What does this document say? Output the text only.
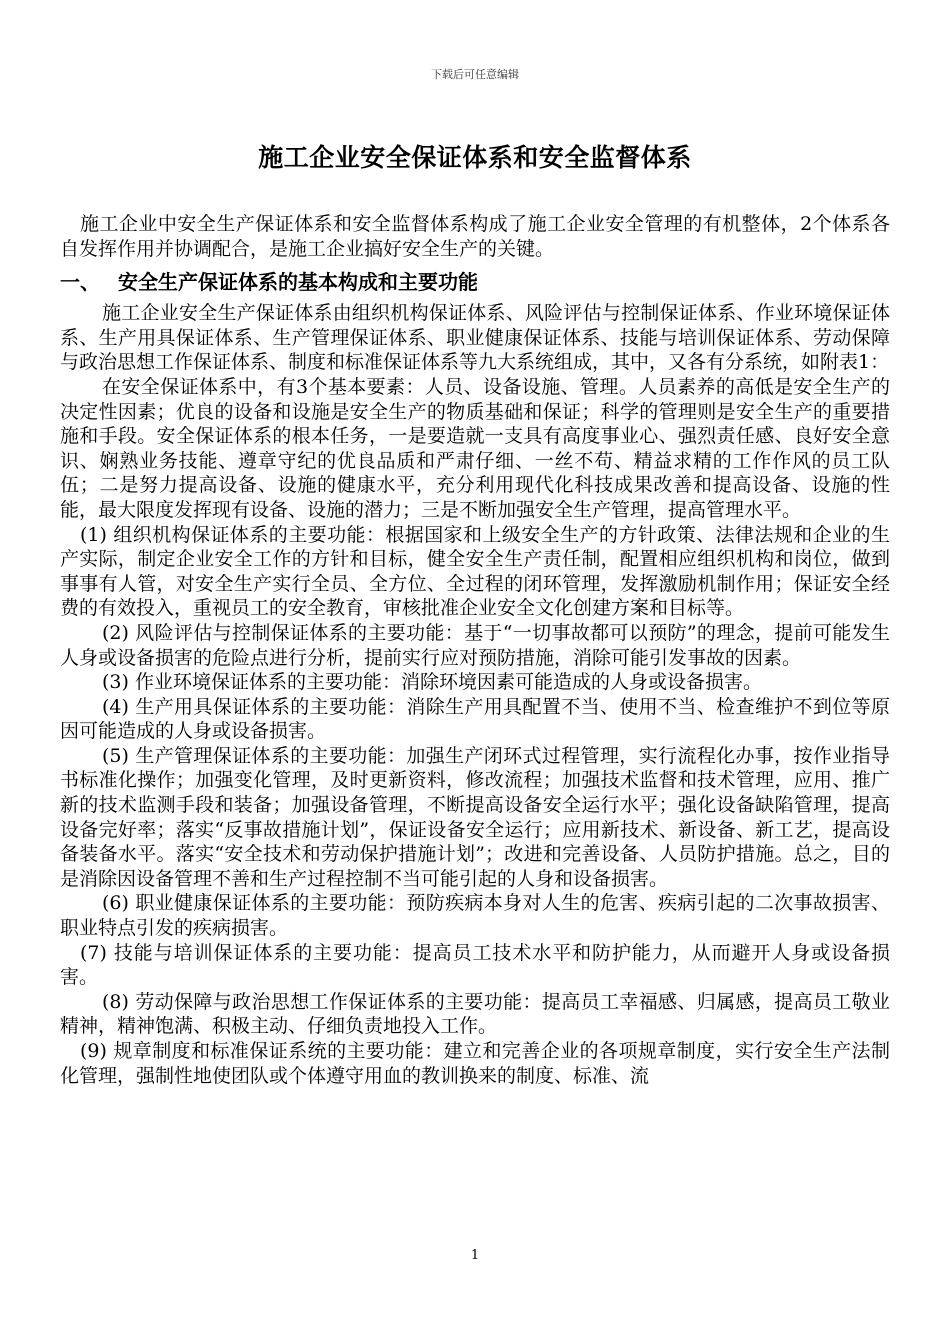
下载后可任意编辑
施工企业安全保证体系和安全监督体系

施工企业中安全生产保证体系和安全监督体系构成了施工企业安全管理的有机整体，2个体系各自发挥作用并协调配合，是施工企业搞好安全生产的关键。

一、 安全生产保证体系的基本构成和主要功能

施工企业安全生产保证体系由组织机构保证体系、风险评估与控制保证体系、作业环境保证体系、生产用具保证体系、生产管理保证体系、职业健康保证体系、技能与培训保证体系、劳动保障与政治思想工作保证体系、制度和标准保证体系等九大系统组成，其中，又各有分系统，如附表1：

在安全保证体系中，有3个基本要素：人员、设备设施、管理。人员素养的高低是安全生产的决定性因素；优良的设备和设施是安全生产的物质基础和保证；科学的管理则是安全生产的重要措施和手段。安全保证体系的根本任务，一是要造就一支具有高度事业心、强烈责任感、良好安全意识、娴熟业务技能、遵章守纪的优良品质和严肃仔细、一丝不苟、精益求精的工作作风的员工队伍；二是努力提高设备、设施的健康水平，充分利用现代化科技成果改善和提高设备、设施的性能，最大限度发挥现有设备、设施的潜力；三是不断加强安全生产管理，提高管理水平。

(1) 组织机构保证体系的主要功能：根据国家和上级安全生产的方针政策、法律法规和企业的生产实际，制定企业安全工作的方针和目标，健全安全生产责任制，配置相应组织机构和岗位，做到事事有人管，对安全生产实行全员、全方位、全过程的闭环管理，发挥激励机制作用；保证安全经费的有效投入，重视员工的安全教育，审核批准企业安全文化创建方案和目标等。

(2) 风险评估与控制保证体系的主要功能：基于“一切事故都可以预防”的理念，提前可能发生人身或设备损害的危险点进行分析，提前实行应对预防措施，消除可能引发事故的因素。

(3) 作业环境保证体系的主要功能：消除环境因素可能造成的人身或设备损害。

(4) 生产用具保证体系的主要功能：消除生产用具配置不当、使用不当、检查维护不到位等原因可能造成的人身或设备损害。

(5) 生产管理保证体系的主要功能：加强生产闭环式过程管理，实行流程化办事，按作业指导书标准化操作；加强变化管理，及时更新资料，修改流程；加强技术监督和技术管理，应用、推广新的技术监测手段和装备；加强设备管理，不断提高设备安全运行水平；强化设备缺陷管理，提高设备完好率；落实“反事故措施计划”，保证设备安全运行；应用新技术、新设备、新工艺，提高设备装备水平。落实“安全技术和劳动保护措施计划”；改进和完善设备、人员防护措施。总之，目的是消除因设备管理不善和生产过程控制不当可能引起的人身和设备损害。

(6) 职业健康保证体系的主要功能：预防疾病本身对人生的危害、疾病引起的二次事故损害、职业特点引发的疾病损害。

(7) 技能与培训保证体系的主要功能：提高员工技术水平和防护能力，从而避开人身或设备损害。

(8) 劳动保障与政治思想工作保证体系的主要功能：提高员工幸福感、归属感，提高员工敬业精神，精神饱满、积极主动、仔细负责地投入工作。

(9) 规章制度和标准保证系统的主要功能：建立和完善企业的各项规章制度，实行安全生产法制化管理，强制性地使团队或个体遵守用血的教训换来的制度、标准、流

1
